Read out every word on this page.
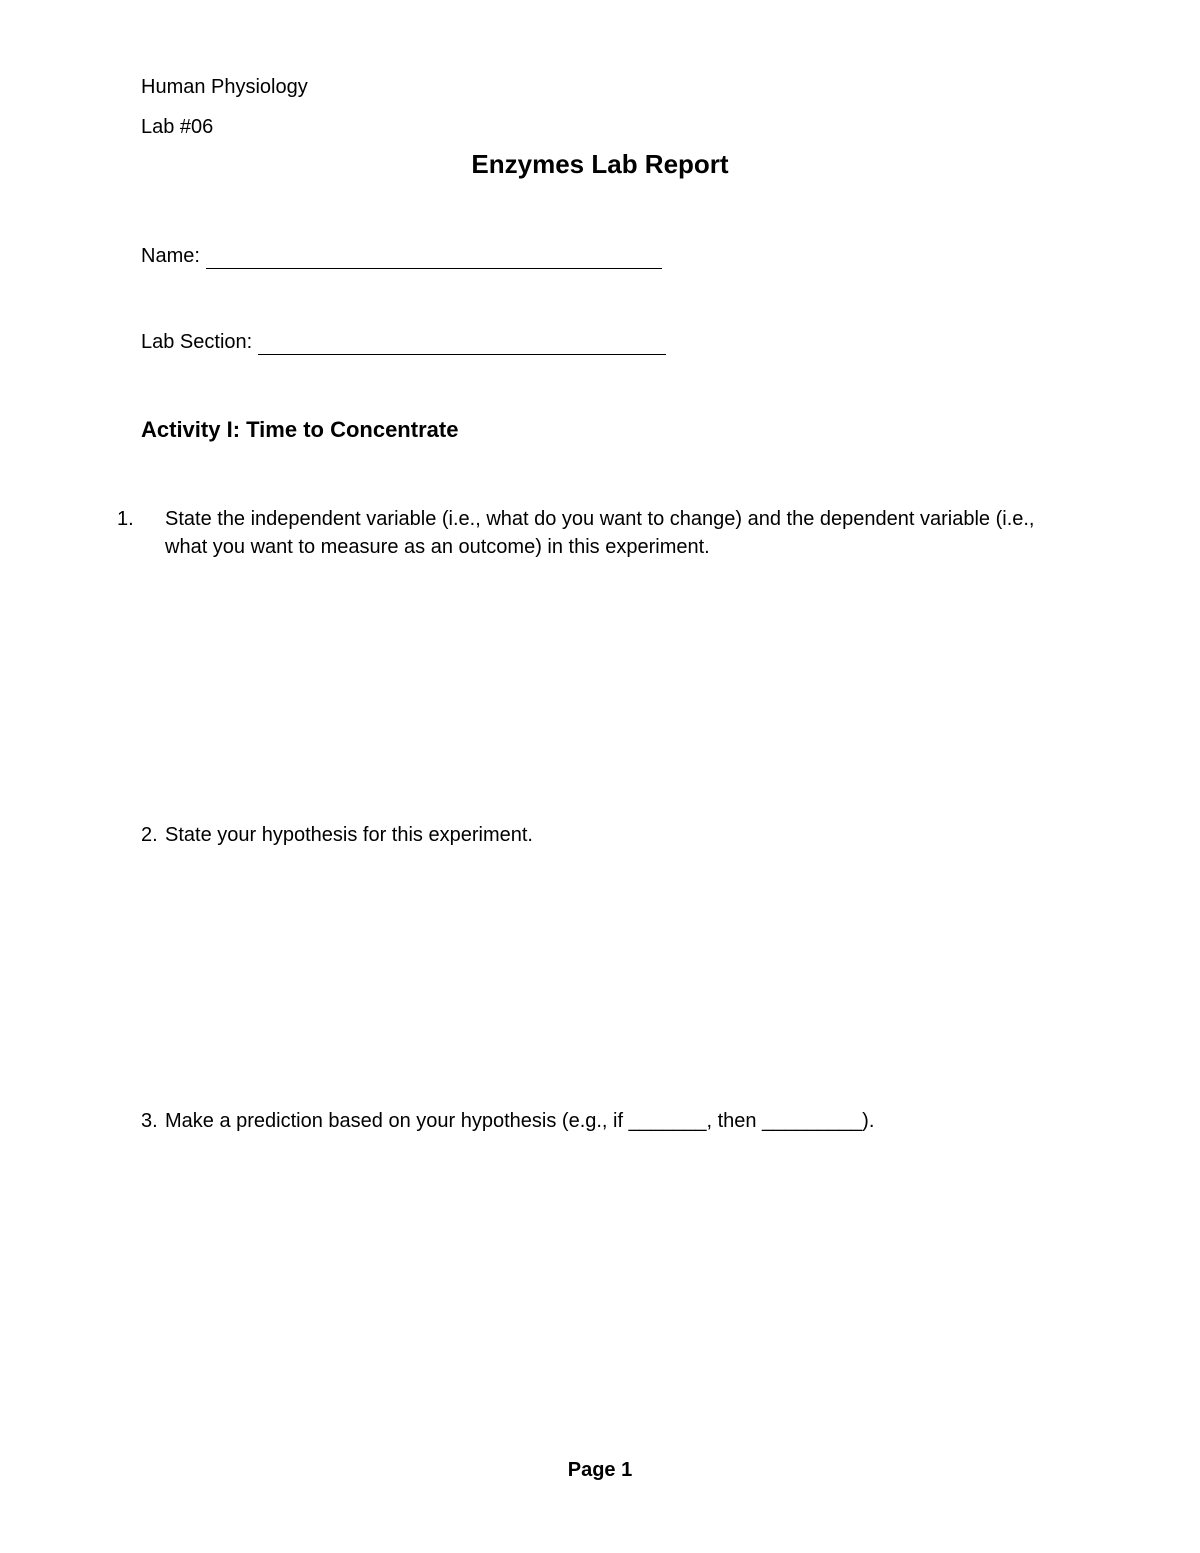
Human Physiology
Lab #06
Enzymes Lab Report
Name:
Lab Section:
Activity I: Time to Concentrate
1. State the independent variable (i.e., what do you want to change) and the dependent variable (i.e., what you want to measure as an outcome) in this experiment.
2. State your hypothesis for this experiment.
3. Make a prediction based on your hypothesis (e.g., if _______, then _________).
Page 1
